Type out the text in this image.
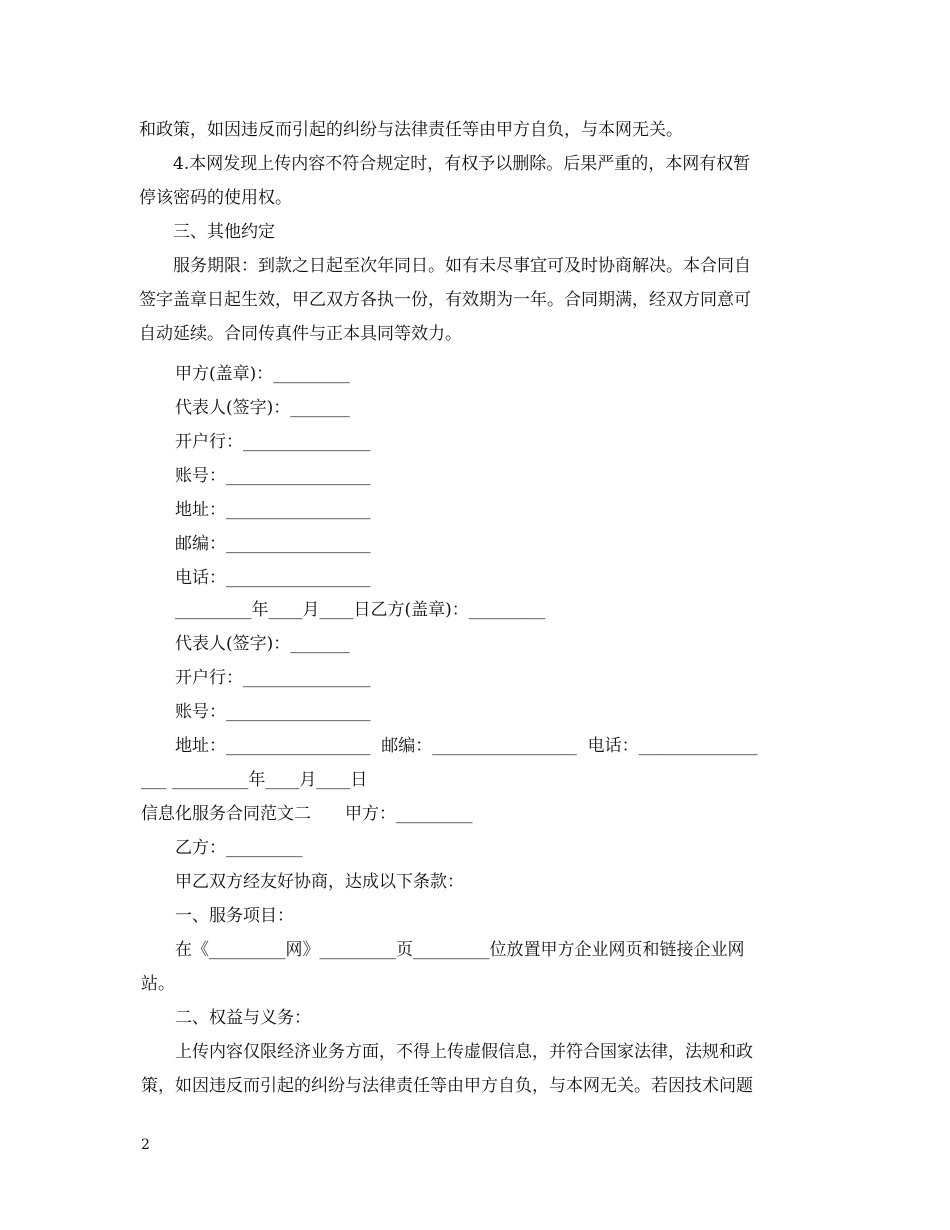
和政策，如因违反而引起的纠纷与法律责任等由甲方自负，与本网无关。
4.本网发现上传内容不符合规定时，有权予以删除。后果严重的，本网有权暂
停该密码的使用权。
三、其他约定
服务期限：到款之日起至次年同日。如有未尽事宜可及时协商解决。本合同自
签字盖章日起生效，甲乙双方各执一份，有效期为一年。合同期满，经双方同意可
自动延续。合同传真件与正本具同等效力。
甲方(盖章)：_________
代表人(签字)：_______
开户行：_______________
账号：_________________
地址：_________________
邮编：_________________
电话：_________________
_________年____月____日乙方(盖章)：_________
代表人(签字)：_______
开户行：_______________
账号：_________________
地址：_________________  邮编：_________________  电话：______________
___ _________年____月____日
信息化服务合同范文二　　甲方：_________
乙方：_________
甲乙双方经友好协商，达成以下条款：
一、服务项目：
在《_________网》_________页_________位放置甲方企业网页和链接企业网
站。
二、权益与义务：
上传内容仅限经济业务方面，不得上传虚假信息，并符合国家法律，法规和政
策，如因违反而引起的纠纷与法律责任等由甲方自负，与本网无关。若因技术问题
2
